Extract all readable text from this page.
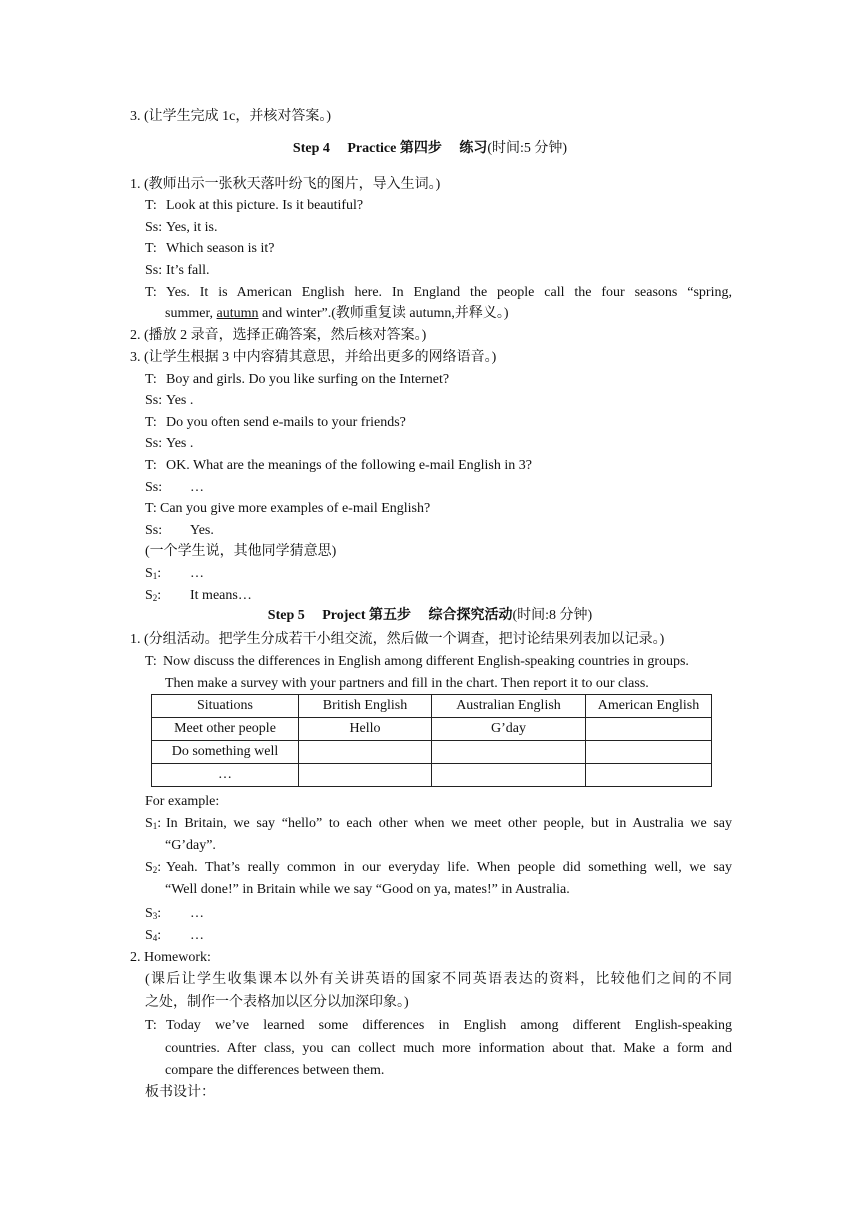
3. (让学生完成 1c，并核对答案。)
Step 4 　Practice 第四步 　练习(时间:5 分钟)
1. (教师出示一张秋天落叶纷飞的图片，导入生词。)
T: Look at this picture. Is it beautiful?
Ss: Yes, it is.
T: Which season is it?
Ss: It’s fall.
T: Yes. It is American English here. In England the people call the four seasons “spring,
summer, autumn and winter”.(教师重复读 autumn,并释义。)
2. (播放 2 录音，选择正确答案，然后核对答案。)
3. (让学生根据 3 中内容猜其意思，并给出更多的网络语音。)
T: Boy and girls. Do you like surfing on the Internet?
Ss: Yes .
T: Do you often send e-mails to your friends?
Ss: Yes .
T: OK. What are the meanings of the following e-mail English in 3?
Ss: …
T: Can you give more examples of e-mail English?
Ss: Yes.
(一个学生说，其他同学猜意思)
$S_1$: …
$S_2$: It means…
Step 5 　Project 第五步 　综合探究活动(时间:8 分钟)
1. (分组活动。把学生分成若干小组交流，然后做一个调查，把讨论结果列表加以记录。)
T: Now discuss the differences in English among different English-speaking countries in groups.
Then make a survey with your partners and fill in the chart. Then report it to our class.
Situations	British English	Australian English	American English
Meet other people	Hello	G’day	
Do something well			
…			
For example:
$S_1$: In Britain, we say “hello” to each other when we meet other people, but in Australia we say
“G’day”.
$S_2$: Yeah. That’s really common in our everyday life. When people did something well, we say
“Well done!” in Britain while we say “Good on ya, mates!” in Australia.
$S_3$: …
$S_4$: …
2. Homework:
(课后让学生收集课本以外有关讲英语的国家不同英语表达的资料，比较他们之间的不同
之处，制作一个表格加以区分以加深印象。)
T: Today we’ve learned some differences in English among different English-speaking
countries. After class, you can collect much more information about that. Make a form and
compare the differences between them.
板书设计：
